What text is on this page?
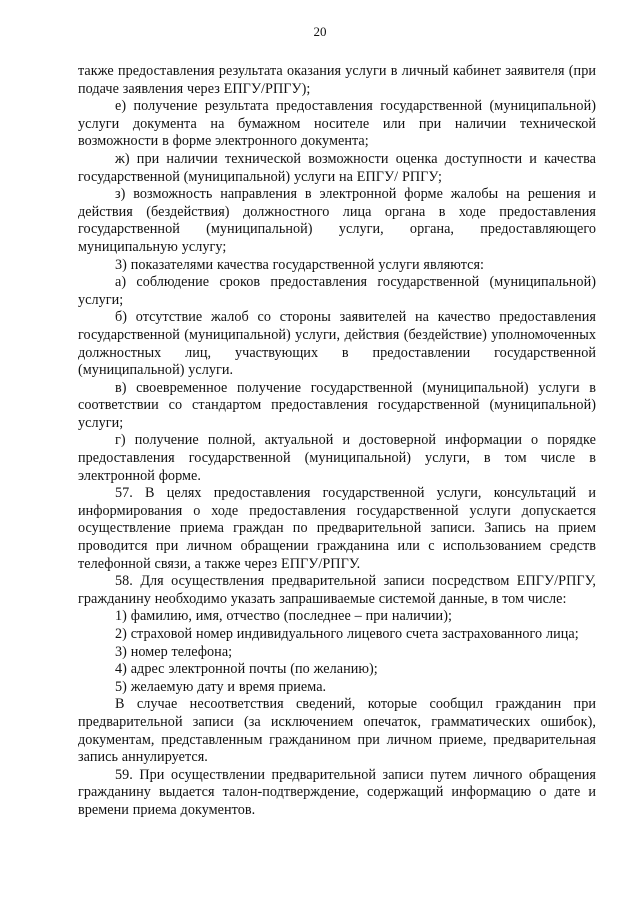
20

также предоставления результата оказания услуги в личный кабинет заявителя (при подаче заявления через ЕПГУ/РПГУ);

е) получение результата предоставления государственной (муниципальной) услуги документа на бумажном носителе или при наличии технической возможности в форме электронного документа;

ж) при наличии технической возможности оценка доступности и качества государственной (муниципальной) услуги на ЕПГУ/ РПГУ;

з) возможность направления в электронной форме жалобы на решения и действия (бездействия) должностного лица органа в ходе предоставления государственной (муниципальной) услуги, органа, предоставляющего муниципальную услугу;

3) показателями качества государственной услуги являются:

а) соблюдение сроков предоставления государственной (муниципальной) услуги;

б) отсутствие жалоб со стороны заявителей на качество предоставления государственной (муниципальной) услуги, действия (бездействие) уполномоченных должностных лиц, участвующих в предоставлении государственной (муниципальной) услуги.

в) своевременное получение государственной (муниципальной) услуги в соответствии со стандартом предоставления государственной (муниципальной) услуги;

г) получение полной, актуальной и достоверной информации о порядке предоставления государственной (муниципальной) услуги, в том числе в электронной форме.

57. В целях предоставления государственной услуги, консультаций и информирования о ходе предоставления государственной услуги допускается осуществление приема граждан по предварительной записи. Запись на прием проводится при личном обращении гражданина или с использованием средств телефонной связи, а также через ЕПГУ/РПГУ.

58. Для осуществления предварительной записи посредством ЕПГУ/РПГУ, гражданину необходимо указать запрашиваемые системой данные, в том числе:

1) фамилию, имя, отчество (последнее – при наличии);

2) страховой номер индивидуального лицевого счета застрахованного лица;

3) номер телефона;

4) адрес электронной почты (по желанию);

5) желаемую дату и время приема.

В случае несоответствия сведений, которые сообщил гражданин при предварительной записи (за исключением опечаток, грамматических ошибок), документам, представленным гражданином при личном приеме, предварительная запись аннулируется.

59. При осуществлении предварительной записи путем личного обращения гражданину выдается талон-подтверждение, содержащий информацию о дате и времени приема документов.
